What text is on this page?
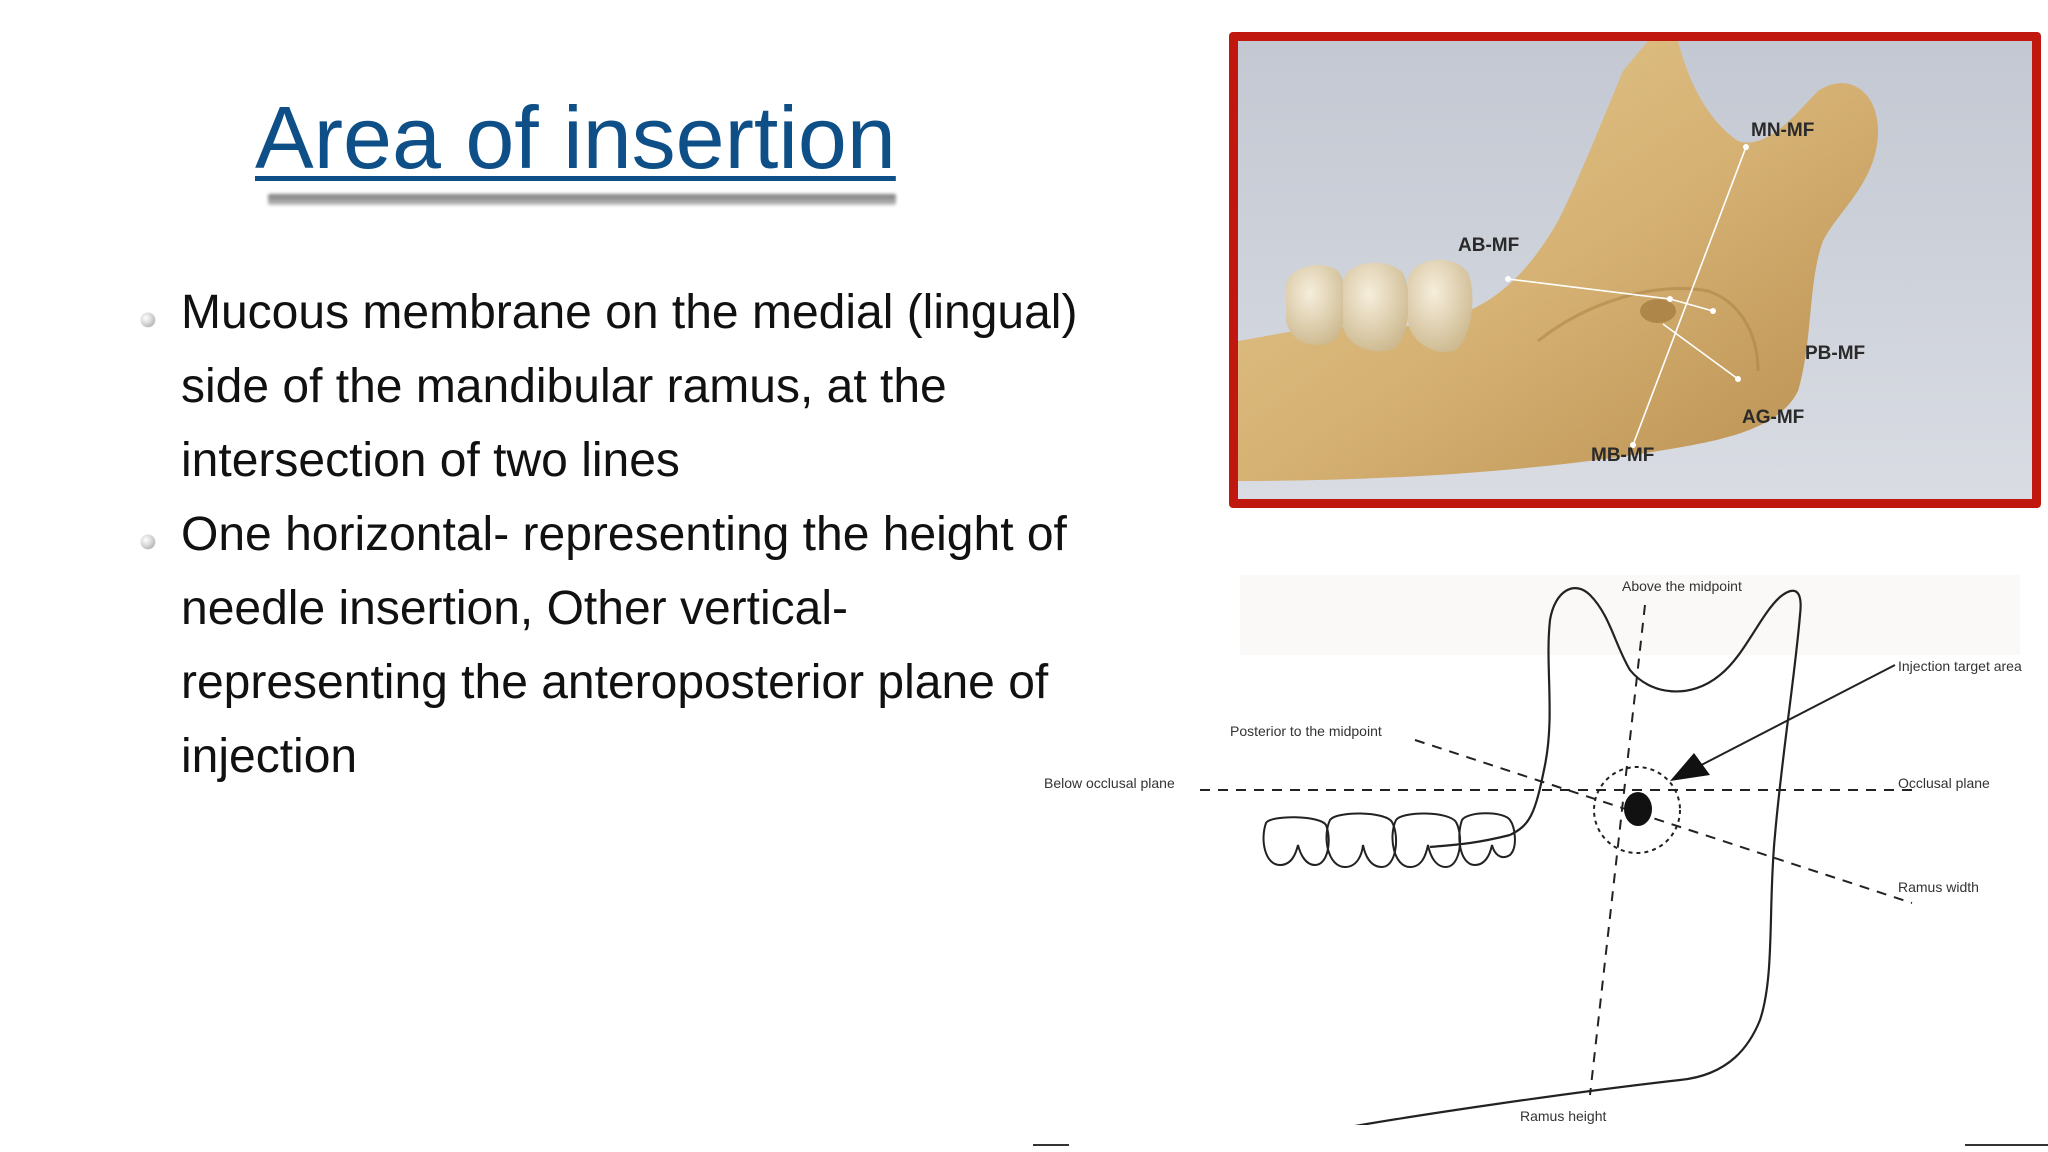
Area of insertion
Mucous membrane on the medial (lingual) side of the mandibular ramus, at the intersection of two lines
One horizontal- representing the height of needle insertion, Other vertical- representing the anteroposterior plane of injection
MN-MF
AB-MF
PB-MF
AG-MF
MB-MF
Above the midpoint
Injection target area
Posterior to the midpoint
Below occlusal plane	Occlusal plane
Ramus width
Ramus height
